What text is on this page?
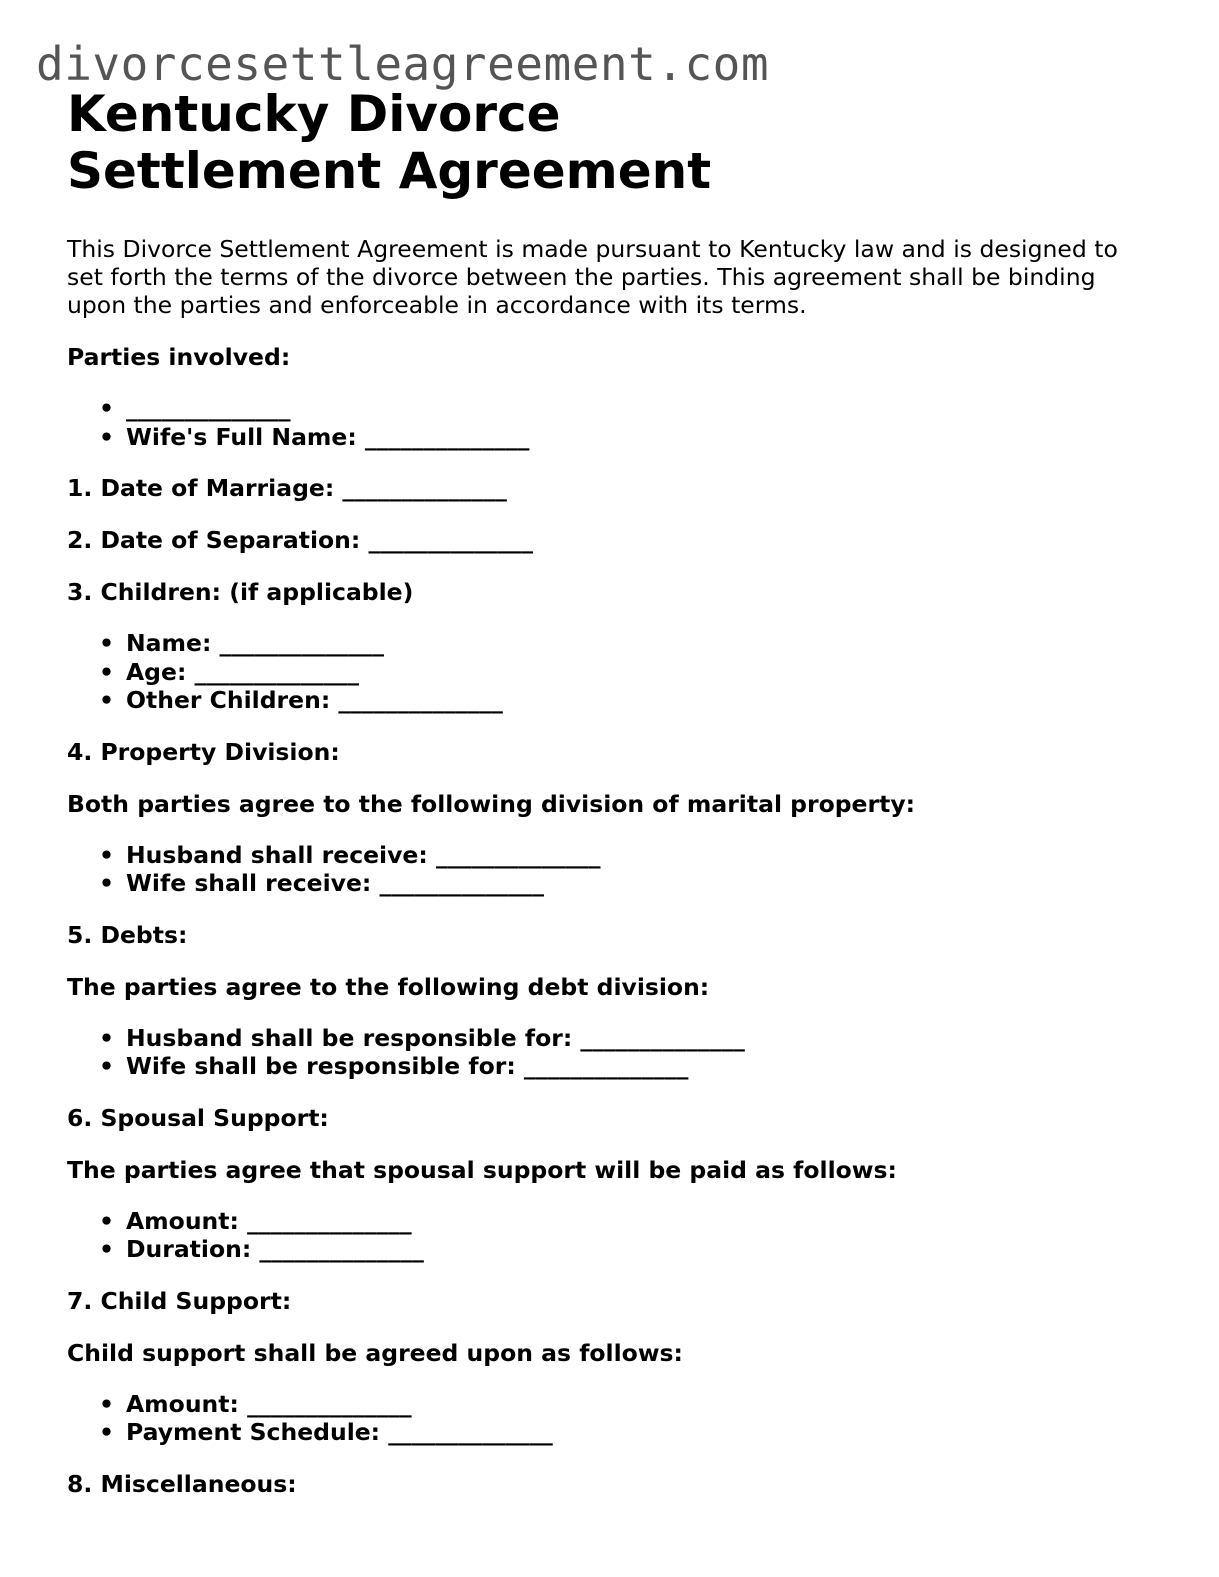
divorcesettleagreement.com
Kentucky Divorce Settlement Agreement

This Divorce Settlement Agreement is made pursuant to Kentucky law and is designed to set forth the terms of the divorce between the parties. This agreement shall be binding upon the parties and enforceable in accordance with its terms.

Parties involved:

• ______________
• Wife's Full Name: ______________

1. Date of Marriage: ______________

2. Date of Separation: ______________

3. Children: (if applicable)

• Name: ______________
• Age: ______________
• Other Children: ______________

4. Property Division:

Both parties agree to the following division of marital property:

• Husband shall receive: ______________
• Wife shall receive: ______________

5. Debts:

The parties agree to the following debt division:

• Husband shall be responsible for: ______________
• Wife shall be responsible for: ______________

6. Spousal Support:

The parties agree that spousal support will be paid as follows:

• Amount: ______________
• Duration: ______________

7. Child Support:

Child support shall be agreed upon as follows:

• Amount: ______________
• Payment Schedule: ______________

8. Miscellaneous:
